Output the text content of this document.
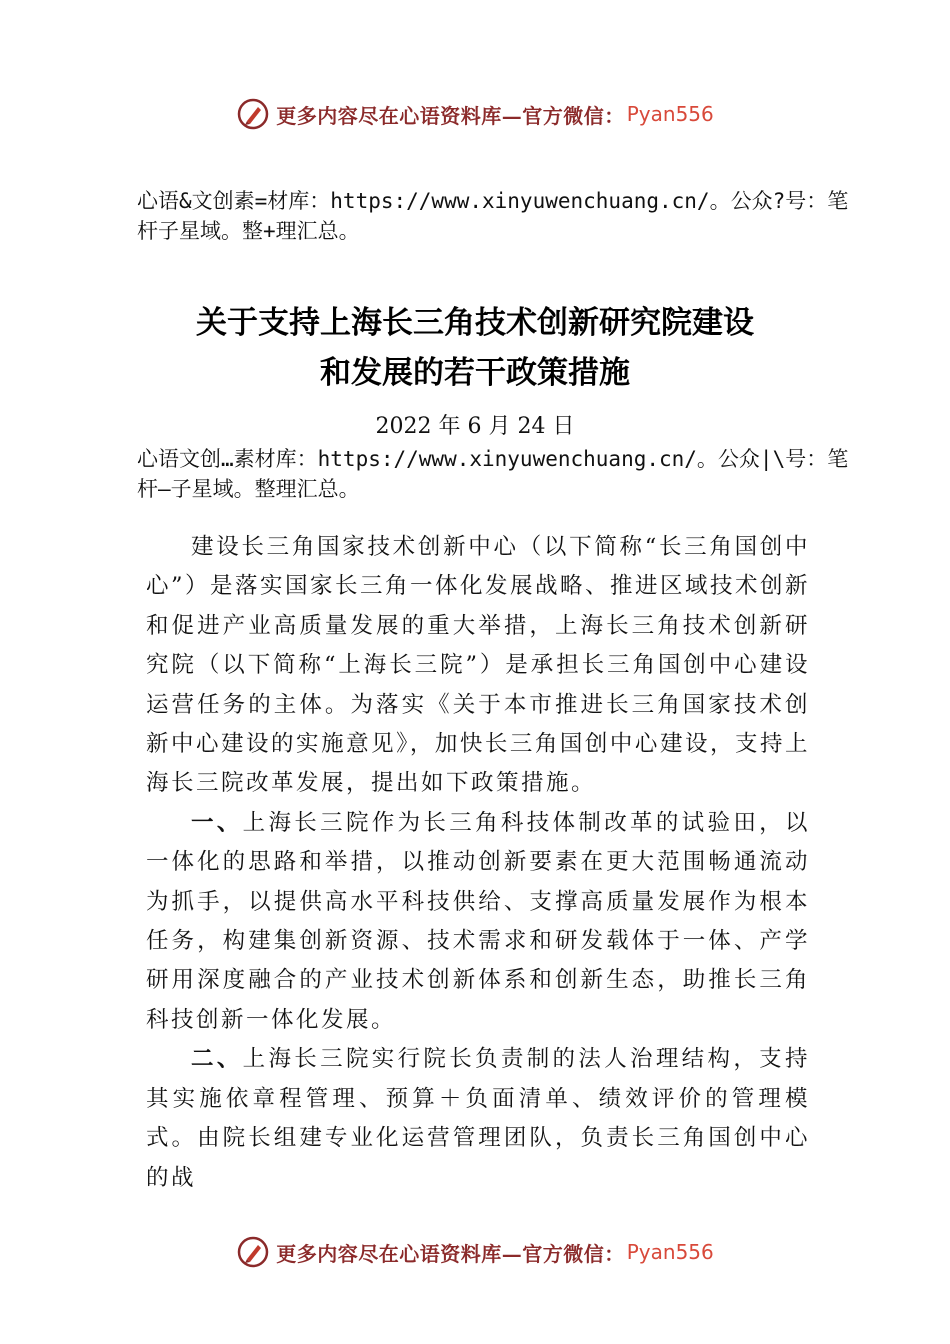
更多内容尽在心语资料库—官方微信： Pyan556

心语&文创素=材库：https://www.xinyuwenchuang.cn/。公众?号：笔杆子星域。整+理汇总。

关于支持上海长三角技术创新研究院建设
和发展的若干政策措施

2022 年 6 月 24 日

心语文创…素材库：https://www.xinyuwenchuang.cn/。公众|\号：笔杆—子星域。整理汇总。

建设长三角国家技术创新中心（以下简称“长三角国创中心”）是落实国家长三角一体化发展战略、推进区域技术创新和促进产业高质量发展的重大举措，上海长三角技术创新研究院（以下简称“上海长三院”）是承担长三角国创中心建设运营任务的主体。为落实《关于本市推进长三角国家技术创新中心建设的实施意见》，加快长三角国创中心建设，支持上海长三院改革发展，提出如下政策措施。

一、上海长三院作为长三角科技体制改革的试验田，以一体化的思路和举措，以推动创新要素在更大范围畅通流动为抓手，以提供高水平科技供给、支撑高质量发展作为根本任务，构建集创新资源、技术需求和研发载体于一体、产学研用深度融合的产业技术创新体系和创新生态，助推长三角科技创新一体化发展。

二、上海长三院实行院长负责制的法人治理结构，支持其实施依章程管理、预算＋负面清单、绩效评价的管理模式。由院长组建专业化运营管理团队，负责长三角国创中心的战

更多内容尽在心语资料库—官方微信： Pyan556
